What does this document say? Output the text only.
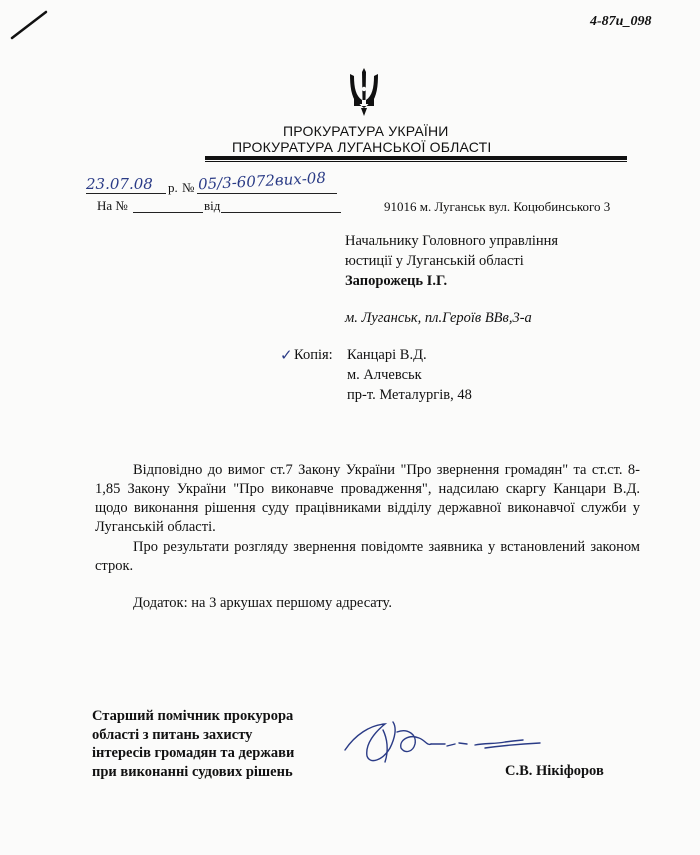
4-87и_098
ПРОКУРАТУРА УКРАЇНИ
ПРОКУРАТУРА ЛУГАНСЬКОЇ ОБЛАСТІ
23.07.08 р. № 05/3-6072вих-08
На №	від	91016 м. Луганськ вул. Коцюбинського 3
Начальнику Головного управління
юстиції у Луганській області
Запорожець І.Г.
м. Луганськ, пл.Героїв ВВв,3-а
✓ Копія: Канцарі В.Д.
м. Алчевськ
пр-т. Металургів, 48
Відповідно до вимог ст.7 Закону України "Про звернення громадян" та ст.ст. 8-1,85 Закону України "Про виконавче провадження", надсилаю скаргу Канцари В.Д. щодо виконання рішення суду працівниками відділу державної виконавчої служби у Луганській області.
Про результати розгляду звернення повідомте заявника у встановлений законом строк.
Додаток: на 3 аркушах першому адресату.
Старший помічник прокурора
області з питань захисту
інтересів громадян та держави
при виконанні судових рішень	С.В. Нікіфоров
